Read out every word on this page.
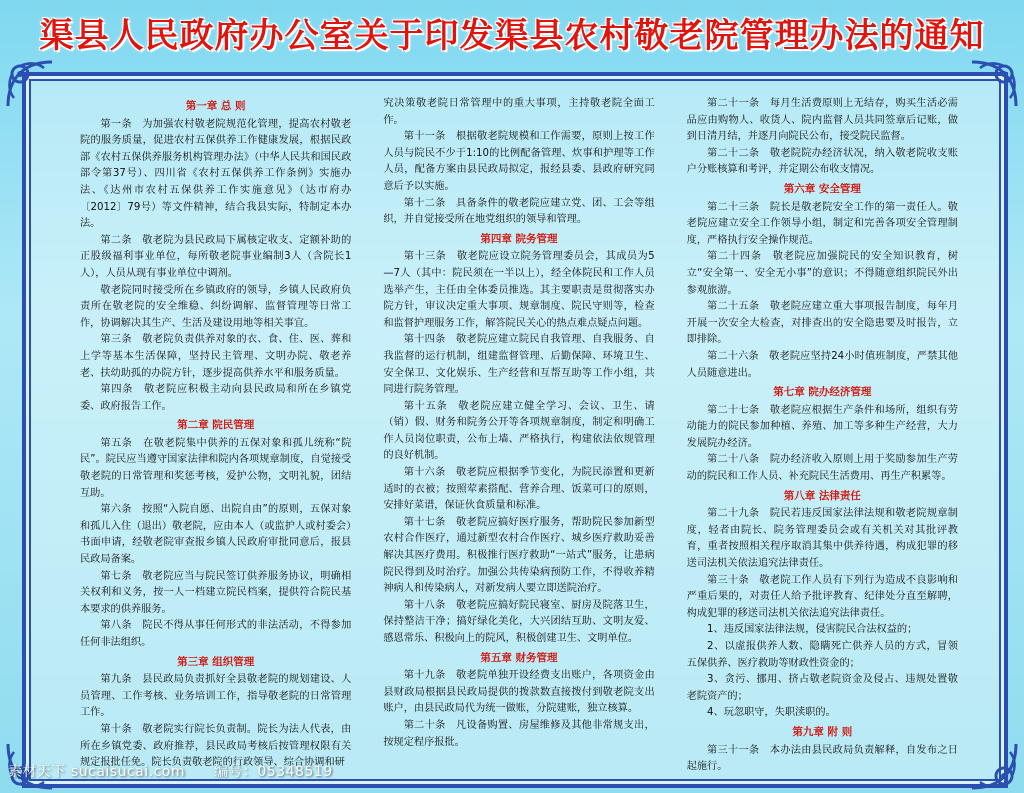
渠县人民政府办公室关于印发渠县农村敬老院管理办法的通知

第一章 总 则

第一条　为加强农村敬老院规范化管理，提高农村敬老院的服务质量，促进农村五保供养工作健康发展，根据民政部《农村五保供养服务机构管理办法》（中华人民共和国民政部令第37号）、四川省《农村五保供养工作条例》实施办法、《达州市农村五保供养工作实施意见》（达市府办〔2012〕79号）等文件精神，结合我县实际，特制定本办法。

第二条　敬老院为县民政局下属核定收支、定额补助的正股级福利事业单位，每所敬老院事业编制3人（含院长1人），人员从现有事业单位中调剂。

敬老院同时接受所在乡镇政府的领导，乡镇人民政府负责所在敬老院的安全维稳、纠纷调解、监督管理等日常工作，协调解决其生产、生活及建设用地等相关事宜。

第三条　敬老院负责供养对象的衣、食、住、医、葬和上学等基本生活保障，坚持民主管理、文明办院、敬老养老、扶幼助孤的办院方针，逐步提高供养水平和服务质量。

第四条　敬老院应积极主动向县民政局和所在乡镇党委、政府报告工作。

第二章 院民管理

第五条　在敬老院集中供养的五保对象和孤儿统称“院民”。院民应当遵守国家法律和院内各项规章制度，自觉接受敬老院的日常管理和奖惩考核，爱护公物，文明礼貌，团结互助。

第六条　按照“入院自愿、出院自由”的原则，五保对象和孤儿入住（退出）敬老院，应由本人（或监护人或村委会）书面申请，经敬老院审查报乡镇人民政府审批同意后，报县民政局备案。

第七条　敬老院应当与院民签订供养服务协议，明确相关权利和义务，按一人一档建立院民档案，提供符合院民基本要求的供养服务。

第八条　院民不得从事任何形式的非法活动，不得参加任何非法组织。

第三章 组织管理

第九条　县民政局负责抓好全县敬老院的规划建设、人员管理、工作考核、业务培训工作，指导敬老院的日常管理工作。

第十条　敬老院实行院长负责制。院长为法人代表，由所在乡镇党委、政府推荐，县民政局考核后按管理权限有关规定报批任免。院长负责敬老院的行政领导、综合协调和研

究决策敬老院日常管理中的重大事项，主持敬老院全面工作。

第十一条　根据敬老院规模和工作需要，原则上按工作人员与院民不少于1:10的比例配备管理、炊事和护理等工作人员，配备方案由县民政局拟定，报经县委、县政府研究同意后予以实施。

第十二条　具备条件的敬老院应建立党、团、工会等组织，并自觉接受所在地党组织的领导和管理。

第四章 院务管理

第十三条　敬老院应设立院务管理委员会，其成员为5—7人（其中：院民须在一半以上），经全体院民和工作人员选举产生，主任由全体委员推选。其主要职责是贯彻落实办院方针，审议决定重大事项、规章制度、院民守则等，检查和监督护理服务工作，解答院民关心的热点难点疑点问题。

第十四条　敬老院应建立院民自我管理、自我服务、自我监督的运行机制，组建监督管理、后勤保障、环境卫生、安全保卫、文化娱乐、生产经营和互帮互助等工作小组，共同进行院务管理。

第十五条　敬老院应建立健全学习、会议、卫生、请（销）假、财务和院务公开等各项规章制度，制定和明确工作人员岗位职责，公布上墙、严格执行，构建依法依规管理的良好机制。

第十六条　敬老院应根据季节变化，为院民添置和更新适时的衣被；按照荤素搭配、营养合理、饭菜可口的原则，安排好菜谱，保证伙食质量和标准。

第十七条　敬老院应搞好医疗服务，帮助院民参加新型农村合作医疗，通过新型农村合作医疗、城乡医疗救助妥善解决其医疗费用。积极推行医疗救助“一站式”服务，让患病院民得到及时治疗。加强公共传染病预防工作，不得收养精神病人和传染病人，对新发病人要立即送院治疗。

第十八条　敬老院应搞好院民寝室、厨房及院落卫生，保持整洁干净；搞好绿化美化，大兴团结互助、文明友爱、感恩常乐、积极向上的院风，积极创建卫生、文明单位。

第五章 财务管理

第十九条　敬老院单独开设经费支出账户，各项资金由县财政局根据县民政局提供的拨款数直接拨付到敬老院支出账户，由县民政局代为统一做账，分院建账，独立核算。

第二十条　凡设备购置、房屋维修及其他非常规支出，按规定程序报批。

第二十一条　每月生活费原则上无结存，购买生活必需品应由购物人、收货人、院内监督人员共同签章后记账，做到日清月结，并逐月向院民公布，接受院民监督。

第二十二条　敬老院院办经济状况，纳入敬老院收支账户分账核算和考评，并定期公布收支情况。

第六章 安全管理

第二十三条　院长是敬老院安全工作的第一责任人。敬老院应建立安全工作领导小组，制定和完善各项安全管理制度，严格执行安全操作规范。

第二十四条　敬老院应加强院民的安全知识教育，树立“安全第一、安全无小事”的意识；不得随意组织院民外出参观旅游。

第二十五条　敬老院应建立重大事项报告制度，每年月开展一次安全大检查，对排查出的安全隐患要及时报告，立即排除。

第二十六条　敬老院应坚持24小时值班制度，严禁其他人员随意进出。

第七章 院办经济管理

第二十七条　敬老院应根据生产条件和场所，组织有劳动能力的院民参加种植、养殖、加工等多种生产经营，大力发展院办经济。

第二十八条　院办经济收入原则上用于奖励参加生产劳动的院民和工作人员、补充院民生活费用、再生产积累等。

第八章 法律责任

第二十九条　院民若违反国家法律法规和敬老院规章制度，轻者由院长、院务管理委员会或有关机关对其批评教育，重者按照相关程序取消其集中供养待遇，构成犯罪的移送司法机关依法追究法律责任。

第三十条　敬老院工作人员有下列行为造成不良影响和严重后果的，对责任人给予批评教育、纪律处分直至解聘，构成犯罪的移送司法机关依法追究法律责任。

1、违反国家法律法规，侵害院民合法权益的；

2、以虚报供养人数、隐瞒死亡供养人员的方式，冒领五保供养、医疗救助等财政性资金的；

3、贪污、挪用、挤占敬老院资金及侵占、违规处置敬老院资产的；

4、玩忽职守，失职渎职的。

第九章 附 则

第三十一条　本办法由县民政局负责解释，自发布之日起施行。

素材天下 sucaisucai.com 编号：05348519
